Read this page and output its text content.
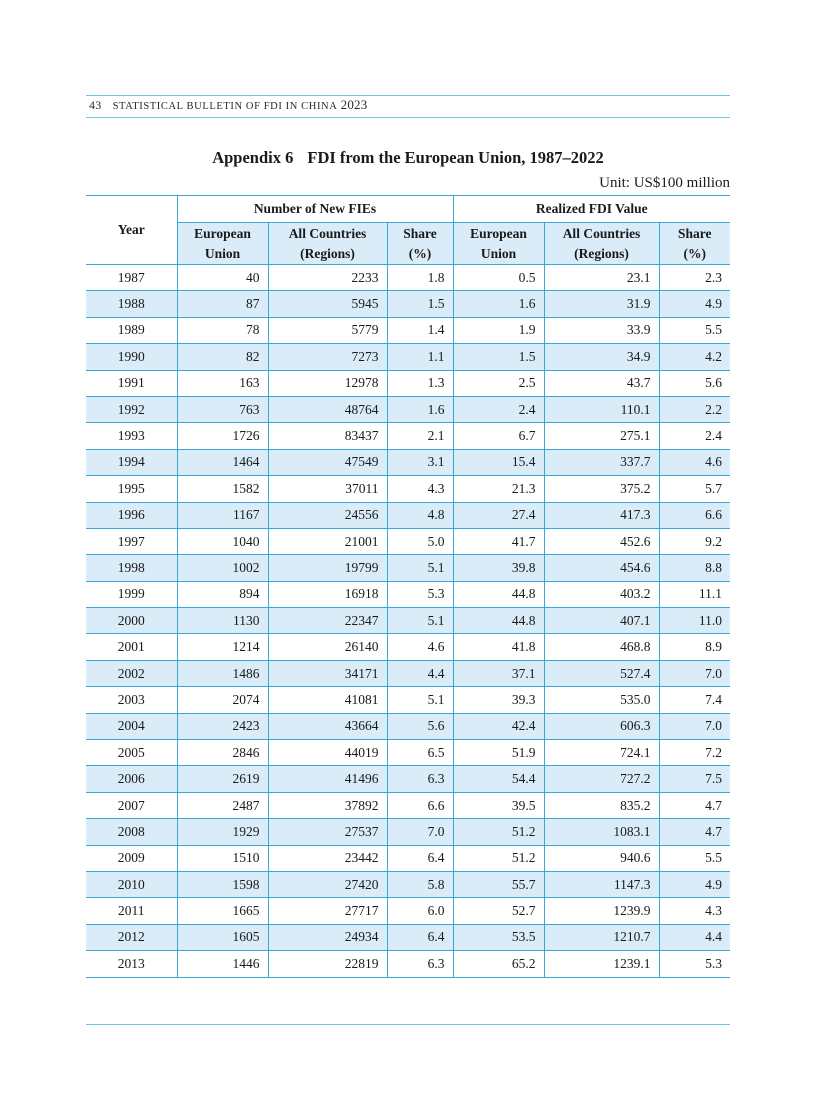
43 STATISTICAL BULLETIN OF FDI IN CHINA 2023
Appendix 6 FDI from the European Union, 1987–2022
Unit: US$100 million
Year	Number of New FIEs			Realized FDI Value		
	European	All Countries	Share	European	All Countries	Share
	Union	(Regions)	(%)	Union	(Regions)	(%)
1987	40	2233	1.8	0.5	23.1	2.3
1988	87	5945	1.5	1.6	31.9	4.9
1989	78	5779	1.4	1.9	33.9	5.5
1990	82	7273	1.1	1.5	34.9	4.2
1991	163	12978	1.3	2.5	43.7	5.6
1992	763	48764	1.6	2.4	110.1	2.2
1993	1726	83437	2.1	6.7	275.1	2.4
1994	1464	47549	3.1	15.4	337.7	4.6
1995	1582	37011	4.3	21.3	375.2	5.7
1996	1167	24556	4.8	27.4	417.3	6.6
1997	1040	21001	5.0	41.7	452.6	9.2
1998	1002	19799	5.1	39.8	454.6	8.8
1999	894	16918	5.3	44.8	403.2	11.1
2000	1130	22347	5.1	44.8	407.1	11.0
2001	1214	26140	4.6	41.8	468.8	8.9
2002	1486	34171	4.4	37.1	527.4	7.0
2003	2074	41081	5.1	39.3	535.0	7.4
2004	2423	43664	5.6	42.4	606.3	7.0
2005	2846	44019	6.5	51.9	724.1	7.2
2006	2619	41496	6.3	54.4	727.2	7.5
2007	2487	37892	6.6	39.5	835.2	4.7
2008	1929	27537	7.0	51.2	1083.1	4.7
2009	1510	23442	6.4	51.2	940.6	5.5
2010	1598	27420	5.8	55.7	1147.3	4.9
2011	1665	27717	6.0	52.7	1239.9	4.3
2012	1605	24934	6.4	53.5	1210.7	4.4
2013	1446	22819	6.3	65.2	1239.1	5.3
